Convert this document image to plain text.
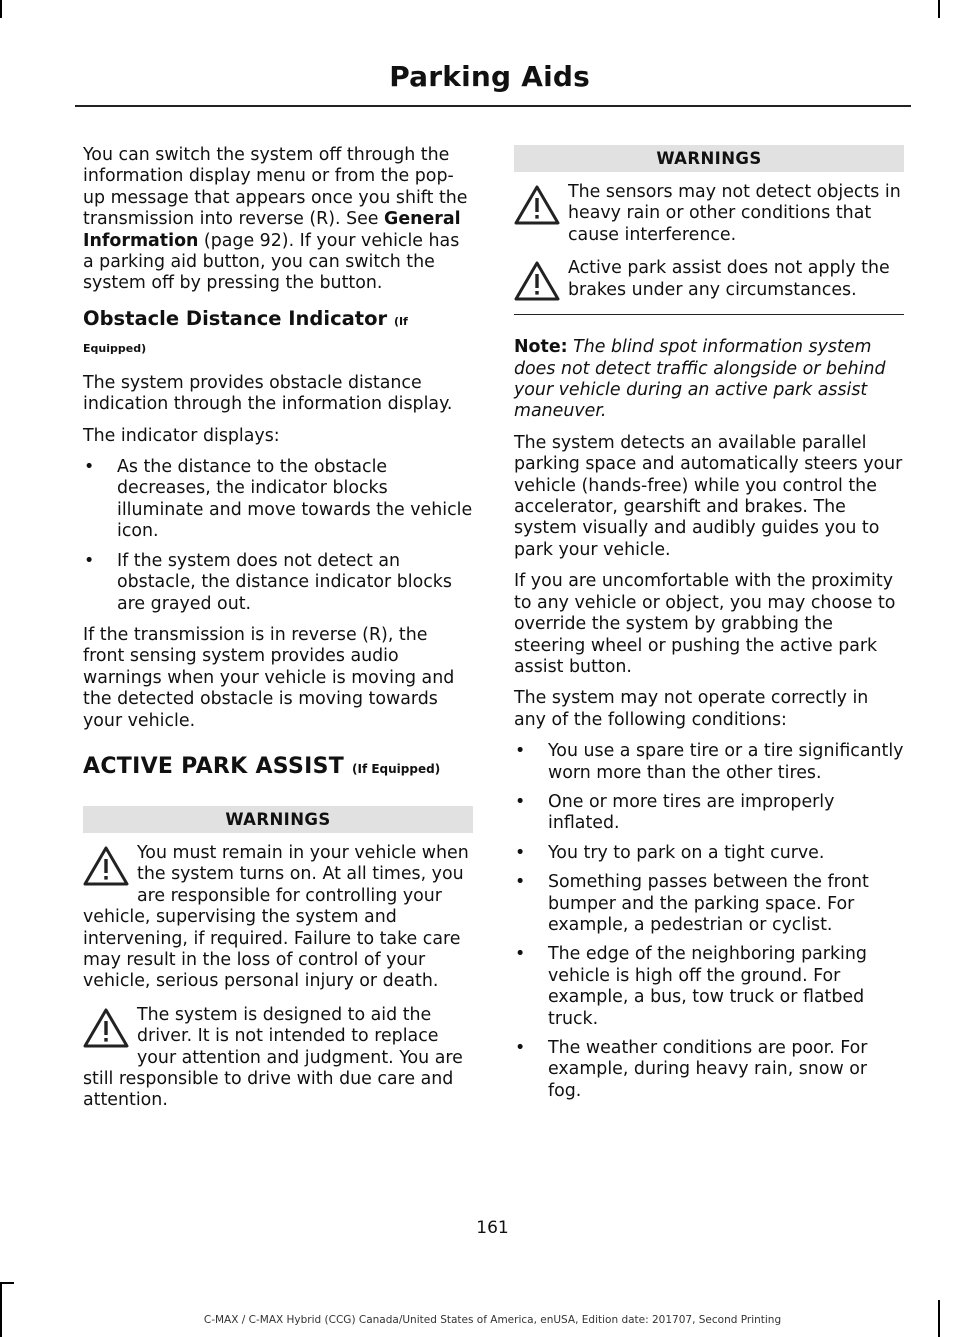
Parking Aids

You can switch the system off through the information display menu or from the pop-up message that appears once you shift the transmission into reverse (R). See General Information (page 92). If your vehicle has a parking aid button, you can switch the system off by pressing the button.

Obstacle Distance Indicator (If Equipped)

The system provides obstacle distance indication through the information display.

The indicator displays:

• As the distance to the obstacle decreases, the indicator blocks illuminate and move towards the vehicle icon.
• If the system does not detect an obstacle, the distance indicator blocks are grayed out.

If the transmission is in reverse (R), the front sensing system provides audio warnings when your vehicle is moving and the detected obstacle is moving towards your vehicle.

ACTIVE PARK ASSIST (If Equipped)
WARNINGS
You must remain in your vehicle when the system turns on. At all times, you are responsible for controlling your vehicle, supervising the system and intervening, if required. Failure to take care may result in the loss of control of your vehicle, serious personal injury or death.
The system is designed to aid the driver. It is not intended to replace your attention and judgment. You are still responsible to drive with due care and attention.
WARNINGS
The sensors may not detect objects in heavy rain or other conditions that cause interference.
Active park assist does not apply the brakes under any circumstances.

Note: The blind spot information system does not detect traffic alongside or behind your vehicle during an active park assist maneuver.

The system detects an available parallel parking space and automatically steers your vehicle (hands-free) while you control the accelerator, gearshift and brakes. The system visually and audibly guides you to park your vehicle.

If you are uncomfortable with the proximity to any vehicle or object, you may choose to override the system by grabbing the steering wheel or pushing the active park assist button.

The system may not operate correctly in any of the following conditions:

• You use a spare tire or a tire significantly worn more than the other tires.
• One or more tires are improperly inflated.
• You try to park on a tight curve.
• Something passes between the front bumper and the parking space. For example, a pedestrian or cyclist.
• The edge of the neighboring parking vehicle is high off the ground. For example, a bus, tow truck or flatbed truck.
• The weather conditions are poor. For example, during heavy rain, snow or fog.
161
C-MAX / C-MAX Hybrid (CCG) Canada/United States of America, enUSA, Edition date: 201707, Second Printing
